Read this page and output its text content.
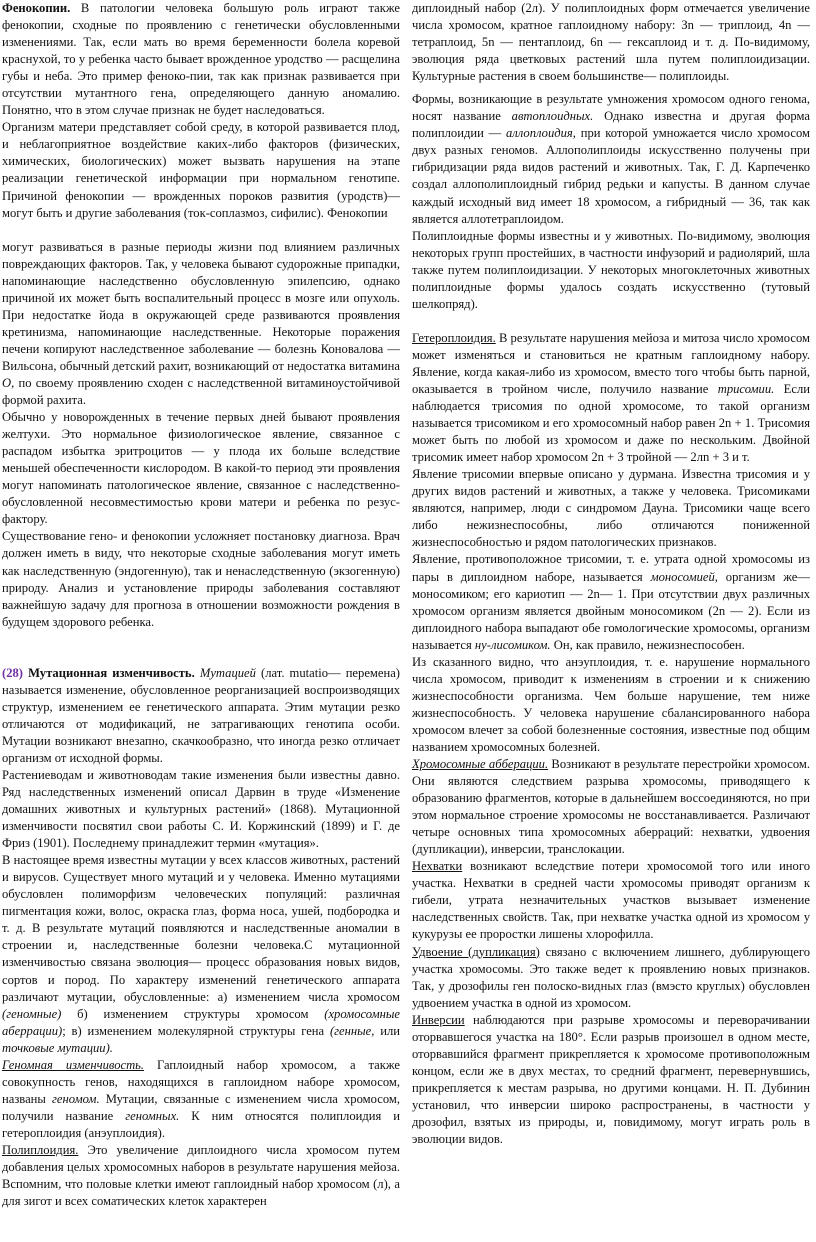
Фенокопии. В патологии человека большую роль играют также фенокопии, сходные по проявлению с генетически обусловленными изменениями. Так, если мать во время беременности болела коревой краснухой, то у ребенка часто бывает врожденное уродство — расщелина губы и неба. Это пример феноко-пии, так как признак развивается при отсутствии мутантного гена, определяющего данную аномалию. Понятно, что в этом случае признак не будет наследоваться.

Организм матери представляет собой среду, в которой развивается плод, и неблагоприятное воздействие каких-либо факторов (физических, химических, биологических) может вызвать нарушения на этапе реализации генетической информации при нормальном генотипе. Причиной фенокопии — врожденных пороков развития (уродств)— могут быть и другие заболевания (ток-соплазмоз, сифилис). Фенокопии

могут развиваться в разные периоды жизни под влиянием различных повреждающих факторов. Так, у человека бывают судорожные припадки, напоминающие наследственно обусловленную эпилепсию, однако причиной их может быть воспалительный процесс в мозге или опухоль. При недостатке йода в окружающей среде развиваются проявления кретинизма, напоминающие наследственные. Некоторые поражения печени копируют наследственное заболевание — болезнь Коновалова — Вильсона, обычный детский рахит, возникающий от недостатка витамина О, по своему проявлению сходен с наследственной витаминоустойчивой формой рахита.

Обычно у новорожденных в течение первых дней бывают проявления желтухи. Это нормальное физиологическое явление, связанное с распадом избытка эритроцитов — у плода их больше вследствие меньшей обеспеченности кислородом. В какой-то период эти проявления могут напоминать патологическое явление, связанное с наследственно-обусловленной несовместимостью крови матери и ребенка по резус-фактору.

Существование гено- и фенокопии усложняет постановку диагноза. Врач должен иметь в виду, что некоторые сходные заболевания могут иметь как наследственную (эндогенную), так и ненаследственную (экзогенную) природу. Анализ и установление природы заболевания составляют важнейшую задачу для прогноза в отношении возможности рождения в будущем здорового ребенка.

(28) Мутационная изменчивость. Мутацией (лат. mutatio— перемена) называется изменение, обусловленное реорганизацией воспроизводящих структур, изменением ее генетического аппарата. Этим мутации резко отличаются от модификаций, не затрагивающих генотипа особи. Мутации возникают внезапно, скачкообразно, что иногда резко отличает организм от исходной формы.

Растениеводам и животноводам такие изменения были известны давно. Ряд наследственных изменений описал Дарвин в труде «Изменение домашних животных и культурных растений» (1868). Мутационной изменчивости посвятил свои работы С. И. Коржинский (1899) и Г. де Фриз (1901). Последнему принадлежит термин «мутация».

В настоящее время известны мутации у всех классов животных, растений и вирусов. Существует много мутаций и у человека. Именно мутациями обусловлен полиморфизм человеческих популяций: различная пигментация кожи, волос, окраска глаз, форма носа, ушей, подбородка и т. д. В результате мутаций появляются и наследственные аномалии в строении и, наследственные болезни человека.С мутационной изменчивостью связана эволюция— процесс образования новых видов, сортов и пород. По характеру изменений генетического аппарата различают мутации, обусловленные: а) изменением числа хромосом (геномные) б) изменением структуры хромосом (хромосомные аберрации); в) изменением молекулярной структуры гена (генные, или точковые мутации).

Геномная изменчивость. Гаплоидный набор хромосом, а также совокупность генов, находящихся в гаплоидном наборе хромосом, названы геномом. Мутации, связанные с изменением числа хромосом, получили название геномных. К ним относятся полиплоидия и гетероплоидия (анэуплоидия).

Полиплоидия. Это увеличение диплоидного числа хромосом путем добавления целых хромосомных наборов в результате нарушения мейоза. Вспомним, что половые клетки имеют гаплоидный набор хромосом (л), а для зигот и всех соматических клеток характерен

диплоидный набор (2л). У полиплоидных форм отмечается увеличение числа хромосом, кратное гаплоидному набору: Зn — триплоид, 4n — тетраплоид, 5n — пентаплоид, 6n — гексаплоид и т. д. По-видимому, эволюция ряда цветковых растений шла путем полиплоидизации. Культурные растения в своем большинстве— полиплоиды.

Формы, возникающие в результате умножения хромосом одного генома, носят название автоплоидных. Однако известна и другая форма полиплоидии — аллоплоидия, при которой умножается число хромосом двух разных геномов. Аллополиплоиды искусственно получены при гибридизации ряда видов растений и животных. Так, Г. Д. Карпеченко создал аллополиплоидный гибрид редьки и капусты. В данном случае каждый исходный вид имеет 18 хромосом, а гибридный — 36, так как является аллотетраплоидом.

Полиплоидные формы известны и у животных. По-видимому, эволюция некоторых групп простейших, в частности инфузорий и радиолярий, шла также путем полиплоидизации. У некоторых многоклеточных животных полиплоидные формы удалось создать искусственно (тутовый шелкопряд).

Гетероплоидия. В результате нарушения мейоза и митоза число хромосом может изменяться и становиться не кратным гаплоидному набору. Явление, когда какая-либо из хромосом, вместо того чтобы быть парной, оказывается в тройном числе, получило название трисомии. Если наблюдается трисомия по одной хромосоме, то такой организм называется трисомиком и его хромосомный набор равен 2n + 1. Трисомия может быть по любой из хромосом и даже по нескольким. Двойной трисомик имеет набор хромосом 2n + 3 тройной — 2лn + 3 и т.

Явление трисомии впервые описано у дурмана. Известна трисомия и у других видов растений и животных, а также у человека. Трисомиками являются, например, люди с синдромом Дауна. Трисомики чаще всего либо нежизнеспособны, либо отличаются пониженной жизнеспособностью и рядом патологических признаков.

Явление, противоположное трисомии, т. е. утрата одной хромосомы из пары в диплоидном наборе, называется моносомией, организм же—моносомиком; его кариотип — 2n— 1. При отсутствии двух различных хромосом организм является двойным моносомиком (2n — 2). Если из диплоидного набора выпадают обе гомологические хромосомы, организм называется ну-лисомиком. Он, как правило, нежизнеспособен.

Из сказанного видно, что анэуплоидия, т. е. нарушение нормального числа хромосом, приводит к изменениям в строении и к снижению жизнеспособности организма. Чем больше нарушение, тем ниже жизнеспособность. У человека нарушение сбалансированного набора хромосом влечет за собой болезненные состояния, известные под общим названием хромосомных болезней.

Хромосомные абберации. Возникают в результате перестройки хромосом. Они являются следствием разрыва хромосомы, приводящего к образованию фрагментов, которые в дальнейшем воссоединяются, но при этом нормальное строение хромосомы не восстанавливается. Различают четыре основных типа хромосомных аберраций: нехватки, удвоения (дупликации), инверсии, транслокации.

Нехватки возникают вследствие потери хромосомой того или иного участка. Нехватки в средней части хромосомы приводят организм к гибели, утрата незначительных участков вызывает изменение наследственных свойств. Так, при нехватке участка одной из хромосом у кукурузы ее проростки лишены хлорофилла.

Удвоение (дупликация) связано с включением лишнего, дублирующего участка хромосомы. Это также ведет к проявлению новых признаков. Так, у дрозофилы ген полоско-видных глаз (вмэсто круглых) обусловлен удвоением участка в одной из хромосом.

Инверсии наблюдаются при разрыве хромосомы и переворачивании оторвавшегося участка на 180°. Если разрыв произошел в одном месте, оторвавшийся фрагмент прикрепляется к хромосоме противоположным концом, если же в двух местах, то средний фрагмент, перевернувшись, прикрепляется к местам разрыва, но другими концами. Н. П. Дубинин установил, что инверсии широко распространены, в частности у дрозофил, взятых из природы, и, повидимому, могут играть роль в эволюции видов.
